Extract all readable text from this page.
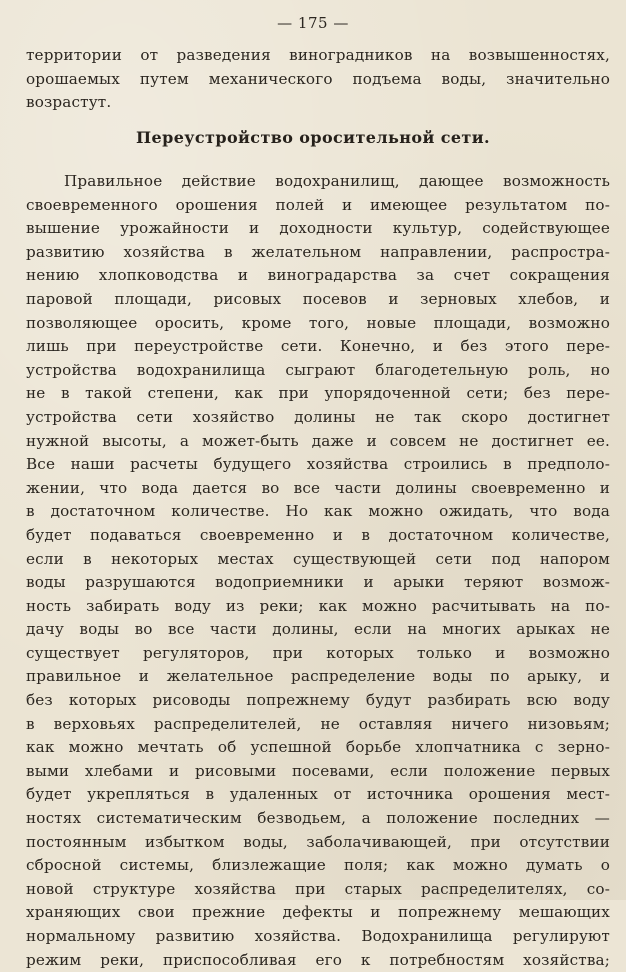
— 175 —
территории от разведения виноградников на возвышенностях,
орошаемых путем механического подъема воды, значительно
возрастут.
Переустройство оросительной сети.
Правильное действие водохранилищ, дающее возможность
своевременного орошения полей и имеющее результатом по-
вышение урожайности и доходности культур, содействующее
развитию хозяйства в желательном направлении, распростра-
нению хлопководства и виноградарства за счет сокращения
паровой площади, рисовых посевов и зерновых хлебов, и
позволяющее оросить, кроме того, новые площади, возможно
лишь при переустройстве сети. Конечно, и без этого пере-
устройства водохранилища сыграют благодетельную роль, но
не в такой степени, как при упорядоченной сети; без пере-
устройства сети хозяйство долины не так скоро достигнет
нужной высоты, а может-быть даже и совсем не достигнет ее.
Все наши расчеты будущего хозяйства строились в предполо-
жении, что вода дается во все части долины своевременно и
в достаточном количестве. Но как можно ожидать, что вода
будет подаваться своевременно и в достаточном количестве,
если в некоторых местах существующей сети под напором
воды разрушаются водоприемники и арыки теряют возмож-
ность забирать воду из реки; как можно расчитывать на по-
дачу воды во все части долины, если на многих арыках не
существует регуляторов, при которых только и возможно
правильное и желательное распределение воды по арыку, и
без которых рисоводы попрежнему будут разбирать всю воду
в верховьях распределителей, не оставляя ничего низовьям;
как можно мечтать об успешной борьбе хлопчатника с зерно-
выми хлебами и рисовыми посевами, если положение первых
будет укрепляться в удаленных от источника орошения мест-
ностях систематическим безводьем, а положение последних —
постоянным избытком воды, заболачивающей, при отсутствии
сбросной системы, близлежащие поля; как можно думать о
новой структуре хозяйства при старых распределителях, со-
храняющих свои прежние дефекты и попрежнему мешающих
нормальному развитию хозяйства. Водохранилища регулируют
режим реки, приспособливая его к потребностям хозяйства;
